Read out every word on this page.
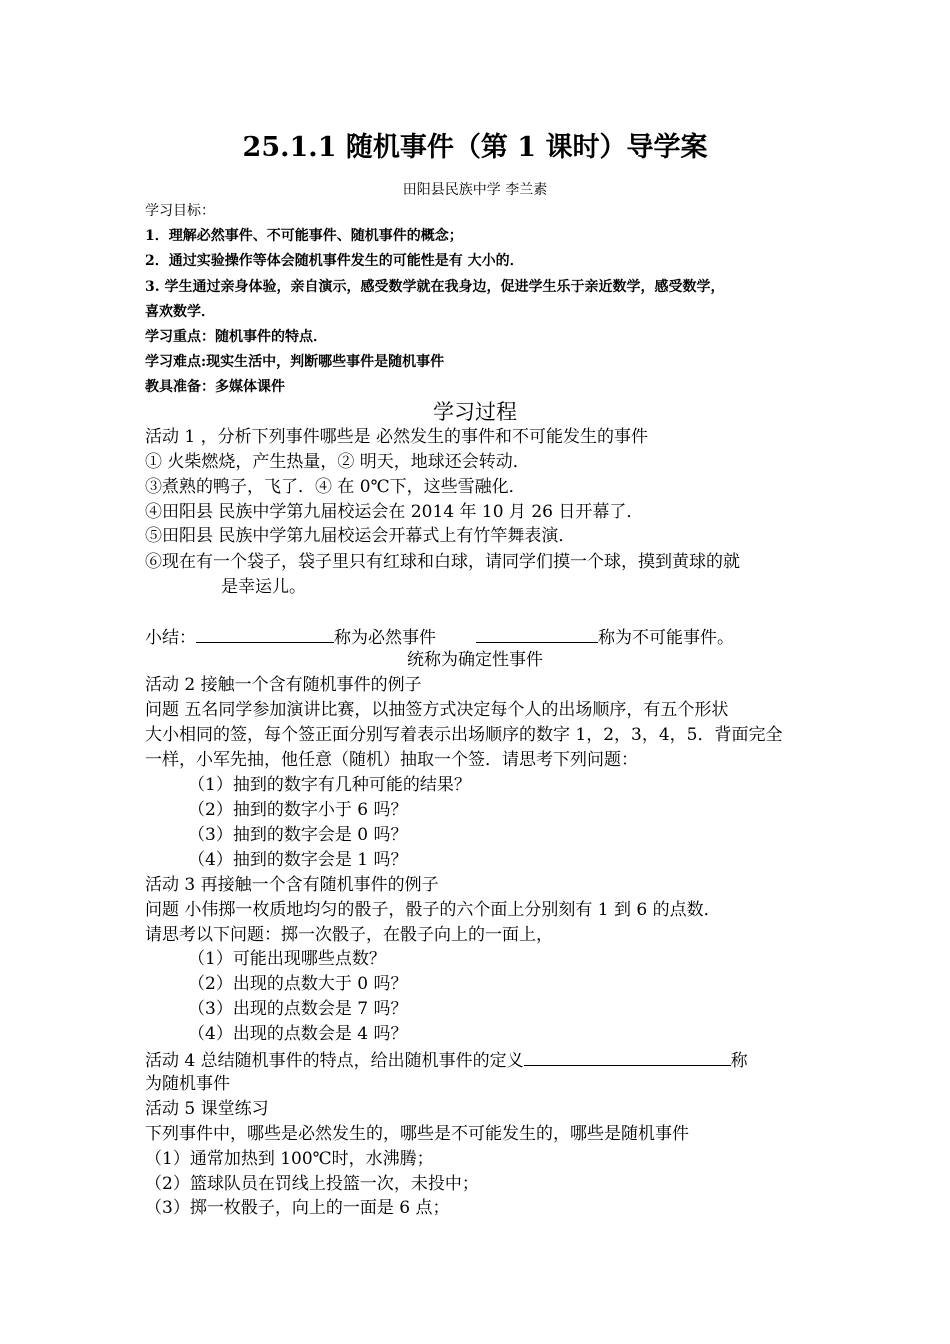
25.1.1 随机事件（第 1 课时）导学案
田阳县民族中学 李兰素
学习目标：
1．理解必然事件、不可能事件、随机事件的概念；
2．通过实验操作等体会随机事件发生的可能性是有 大小的．
3. 学生通过亲身体验，亲自演示，感受数学就在我身边，促进学生乐于亲近数学，感受数学，
喜欢数学．
学习重点：随机事件的特点．
学习难点:现实生活中，判断哪些事件是随机事件
教具准备：多媒体课件
学习过程
活动 1 ，分析下列事件哪些是 必然发生的事件和不可能发生的事件
① 火柴燃烧，产生热量，② 明天，地球还会转动．
③煮熟的鸭子，飞了．④ 在 0℃下，这些雪融化．
④田阳县 民族中学第九届校运会在 2014 年 10 月 26 日开幕了．
⑤田阳县 民族中学第九届校运会开幕式上有竹竿舞表演．
⑥现在有一个袋子，袋子里只有红球和白球，请同学们摸一个球，摸到黄球的就
是幸运儿。
小结：	称为必然事件	称为不可能事件。
统称为确定性事件
活动 2 接触一个含有随机事件的例子
问题 五名同学参加演讲比赛，以抽签方式决定每个人的出场顺序，有五个形状
大小相同的签，每个签正面分别写着表示出场顺序的数字 1，2，3，4，5．背面完全
一样，小军先抽，他任意（随机）抽取一个签．请思考下列问题：
（1）抽到的数字有几种可能的结果？
（2）抽到的数字小于 6 吗？
（3）抽到的数字会是 0 吗？
（4）抽到的数字会是 1 吗？
活动 3 再接触一个含有随机事件的例子
问题 小伟掷一枚质地均匀的骰子，骰子的六个面上分别刻有 1 到 6 的点数．
请思考以下问题：掷一次骰子，在骰子向上的一面上，
（1）可能出现哪些点数？
（2）出现的点数大于 0 吗？
（3）出现的点数会是 7 吗？
（4）出现的点数会是 4 吗？
活动 4 总结随机事件的特点，给出随机事件的定义	称
为随机事件
活动 5 课堂练习
下列事件中，哪些是必然发生的，哪些是不可能发生的，哪些是随机事件
（1）通常加热到 100℃时，水沸腾；
（2）篮球队员在罚线上投篮一次，未投中；
（3）掷一枚骰子，向上的一面是 6 点；
